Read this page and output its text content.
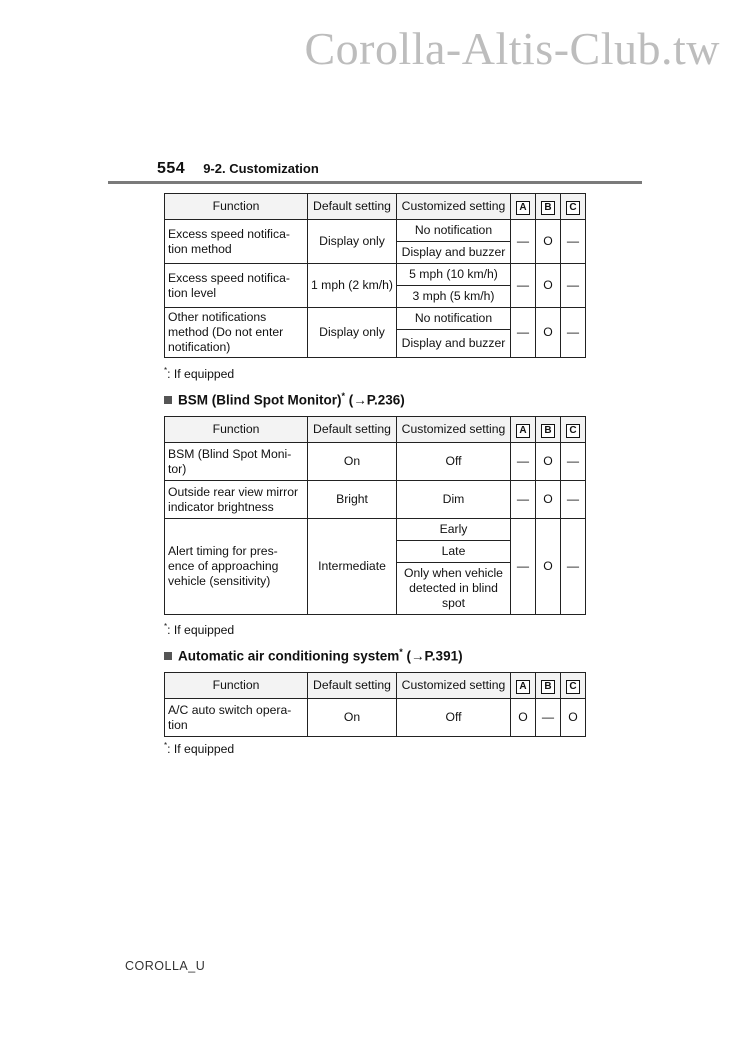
Corolla-Altis-Club.tw
554 9-2. Customization
Function	Default setting	Customized setting	A	B	C
Excess speed notifica-tion method	Display only	No notification	—	O	—
		Display and buzzer			
Excess speed notifica-tion level	1 mph (2 km/h)	5 mph (10 km/h)	—	O	—
		3 mph (5 km/h)			
Other notifications method (Do not enter notification)	Display only	No notification	—	O	—
		Display and buzzer			
*: If equipped
BSM (Blind Spot Monitor)* (→P.236)
Function	Default setting	Customized setting	A	B	C
BSM (Blind Spot Moni-tor)	On	Off	—	O	—
Outside rear view mirror indicator brightness	Bright	Dim	—	O	—
Alert timing for pres-ence of approaching vehicle (sensitivity)	Intermediate	Early	—	O	—
		Late			
		Only when vehicle detected in blind spot			
*: If equipped
Automatic air conditioning system* (→P.391)
Function	Default setting	Customized setting	A	B	C
A/C auto switch opera-tion	On	Off	O	—	O
*: If equipped
COROLLA_U
